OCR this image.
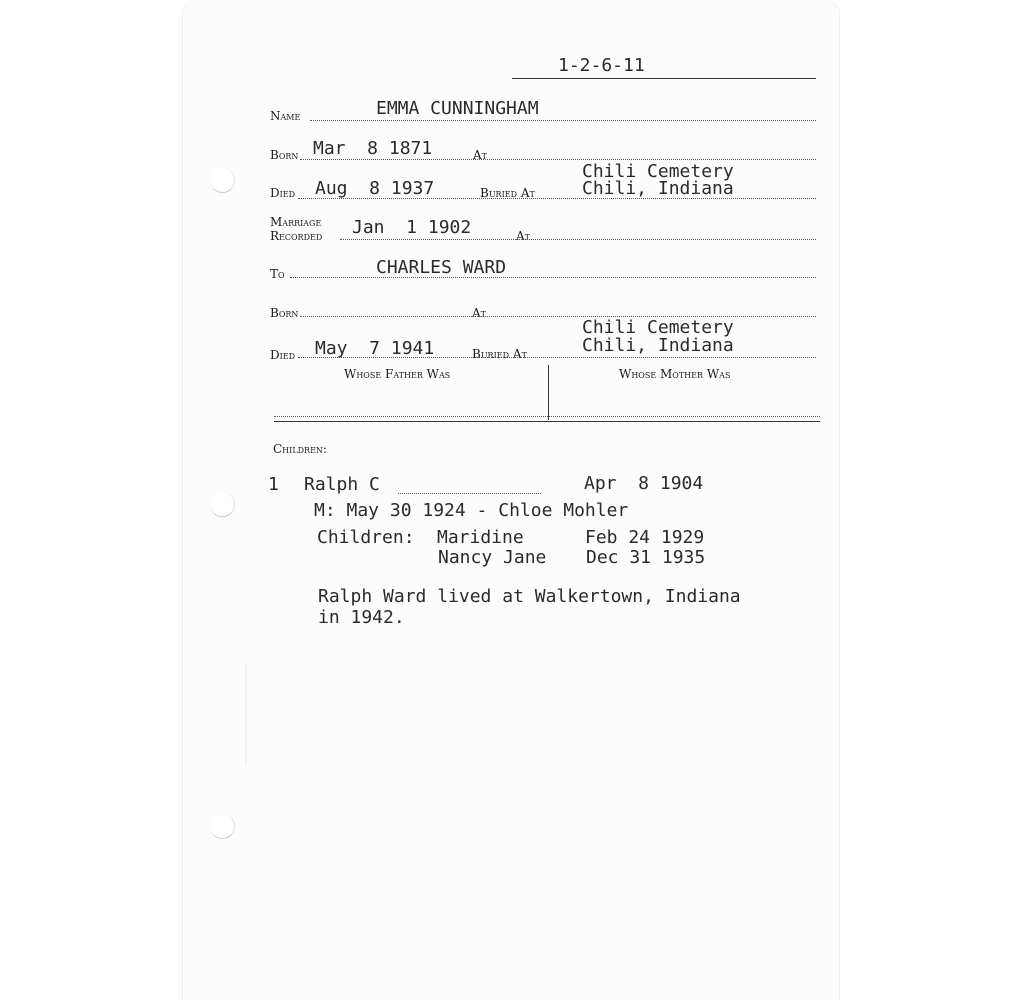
1-2-6-11
Name	EMMA CUNNINGHAM
Born Mar  8 1871	At
Chili Cemetery
Died Aug  8 1937	Buried At	Chili, Indiana
Marriage
Recorded Jan  1 1902	At
To	CHARLES WARD
Born	At
Chili Cemetery
Died May  7 1941	Buried At	Chili, Indiana
Whose Father Was	Whose Mother Was
Children:
1 Ralph C	Apr  8 1904
M: May 30 1924 - Chloe Mohler
Children: Maridine	Feb 24 1929
Nancy Jane Dec 31 1935
Ralph Ward lived at Walkertown, Indiana
in 1942.
